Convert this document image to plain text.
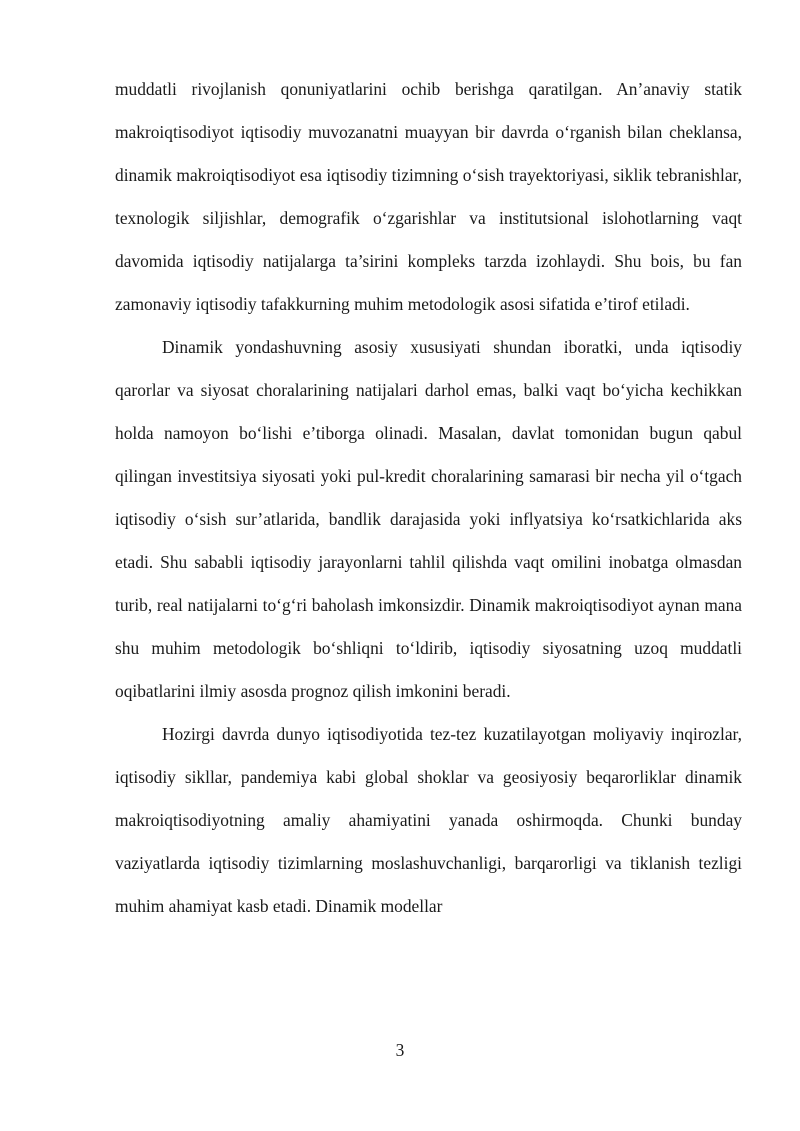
muddatli rivojlanish qonuniyatlarini ochib berishga qaratilgan. An’anaviy statik makroiqtisodiyot iqtisodiy muvozanatni muayyan bir davrda o‘rganish bilan cheklansa, dinamik makroiqtisodiyot esa iqtisodiy tizimning o‘sish trayektoriyasi, siklik tebranishlar, texnologik siljishlar, demografik o‘zgarishlar va institutsional islohotlarning vaqt davomida iqtisodiy natijalarga ta’sirini kompleks tarzda izohlaydi. Shu bois, bu fan zamonaviy iqtisodiy tafakkurning muhim metodologik asosi sifatida e’tirof etiladi.

Dinamik yondashuvning asosiy xususiyati shundan iboratki, unda iqtisodiy qarorlar va siyosat choralarining natijalari darhol emas, balki vaqt bo‘yicha kechikkan holda namoyon bo‘lishi e’tiborga olinadi. Masalan, davlat tomonidan bugun qabul qilingan investitsiya siyosati yoki pul-kredit choralarining samarasi bir necha yil o‘tgach iqtisodiy o‘sish sur’atlarida, bandlik darajasida yoki inflyatsiya ko‘rsatkichlarida aks etadi. Shu sababli iqtisodiy jarayonlarni tahlil qilishda vaqt omilini inobatga olmasdan turib, real natijalarni to‘g‘ri baholash imkonsizdir. Dinamik makroiqtisodiyot aynan mana shu muhim metodologik bo‘shliqni to‘ldirib, iqtisodiy siyosatning uzoq muddatli oqibatlarini ilmiy asosda prognoz qilish imkonini beradi.

Hozirgi davrda dunyo iqtisodiyotida tez-tez kuzatilayotgan moliyaviy inqirozlar, iqtisodiy sikllar, pandemiya kabi global shoklar va geosiyosiy beqarorliklar dinamik makroiqtisodiyotning amaliy ahamiyatini yanada oshirmoqda. Chunki bunday vaziyatlarda iqtisodiy tizimlarning moslashuvchanligi, barqarorligi va tiklanish tezligi muhim ahamiyat kasb etadi. Dinamik modellar

3
